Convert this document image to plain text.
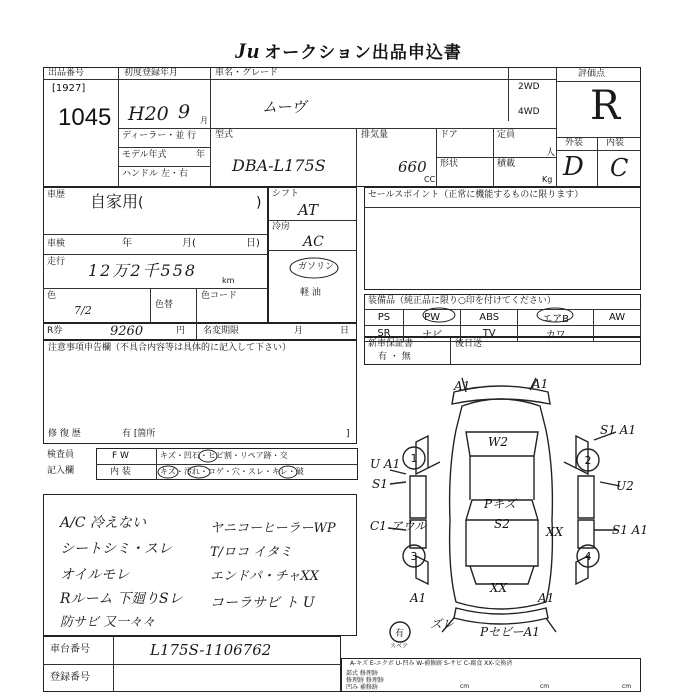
Ju オークション出品申込書
出品番号
[1927]
1045
初度登録年月
H20 9 月
ディーラー・並 行
モデル年式	年
ハンドル 左・右
車名・グレード
ムーヴ
2WD
4WD
型式
DBA-L175S
排気量
660
CC
ドア	定員
人
形状	積載
Kg
評価点
R
外装	内装
D C
車歴 自家用 (	)
車検	年	月(	日)
走行 12万2千558
km
色
7/2	色替
色コード
シフト
AT
冷房
AC
ガソリン
軽 油
セールスポイント（正常に機能するものに限ります）
装備品（純正品に限り○印を付けてください）
PS	PW	ABS	エアB	AW
SR	ナビ	TV	カワ	
新車保証書
有 ・ 無
後日送
R券	9260	円 名変期限	月	日
注意事項申告欄（不具合内容等は具体的に記入して下さい）
修 復 歴	有 [箇所	]
検査員
記入欄
F W	キズ・凹石・ヒビ割・リペア跡・交
内 装	キズ・汚れ・コゲ・穴・スレ・キレ・破
A/C 冷えない
シートシミ・スレ
オイルモレ
Rルーム 下廻りSレ
防サビ 又一々々
ヤニコーヒーラーWP
T/ロコ イタミ
エンドパ・チャXX
コーラサビ ト U
1	2
3	4
A1	A1
W2
S1 A1
U2
U A1
S1
Pキズ
S2	S1 A1
XX
C1 アウル
XX
A1	A1
ズレ
PセビーA1
有
スペア
車台番号	L175S-1106762
登録番号
A-キズ E-エクボ U-凹み W-補修跡 S-サビ C-腐食 XX-交換済
部式 修理跡
修理跡 修理跡
凹み 補修跡	cm	cm	cm
